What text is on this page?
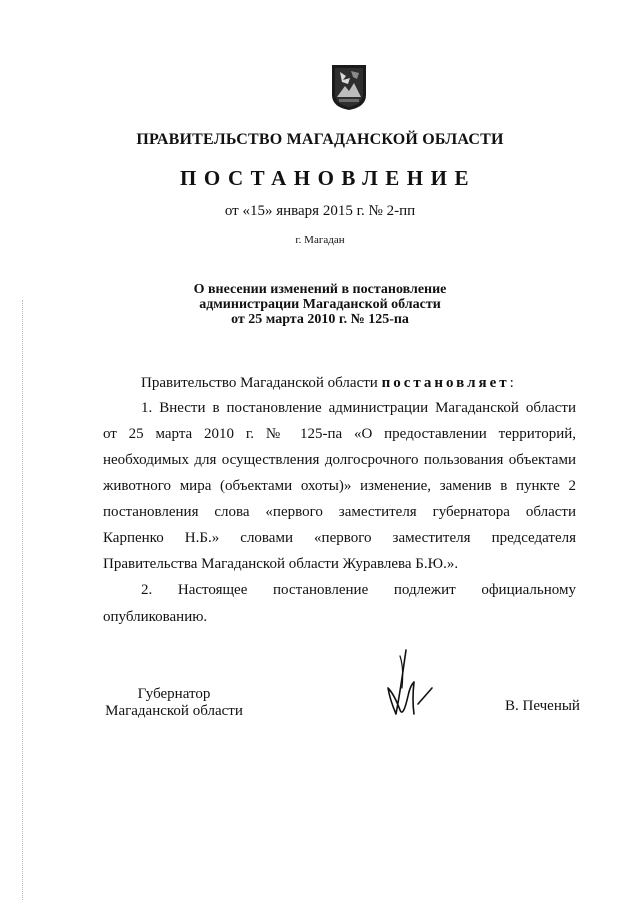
ПРАВИТЕЛЬСТВО МАГАДАНСКОЙ ОБЛАСТИ
ПОСТАНОВЛЕНИЕ
от «15» января 2015 г. № 2-пп
г. Магадан
О внесении изменений в постановление
администрации Магаданской области
от 25 марта 2010 г. № 125-па
Правительство Магаданской области постановляет:
1. Внести в постановление администрации Магаданской области
от 25 марта 2010 г. № 125-па «О предоставлении территорий,
необходимых для осуществления долгосрочного пользования объектами
животного мира (объектами охоты)» изменение, заменив в пункте 2
постановления слова «первого заместителя губернатора области
Карпенко Н.Б.» словами «первого заместителя председателя
Правительства Магаданской области Журавлева Б.Ю.».
2. Настоящее постановление подлежит официальному
опубликованию.
Губернатор
Магаданской области	В. Печеный
